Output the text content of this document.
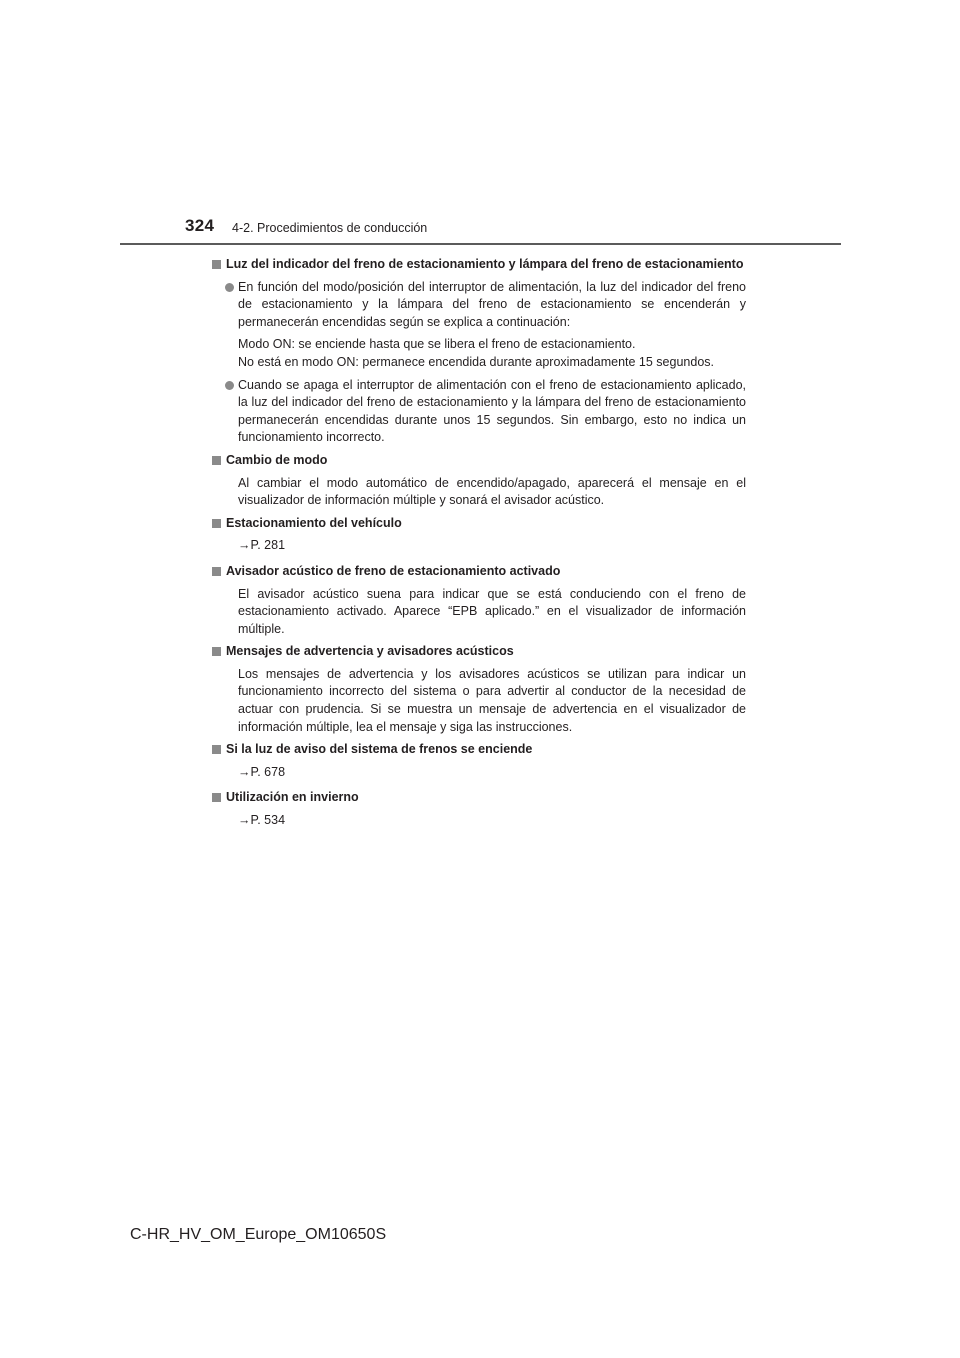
324 4-2. Procedimientos de conducción
Luz del indicador del freno de estacionamiento y lámpara del freno de estacionamiento
En función del modo/posición del interruptor de alimentación, la luz del indicador del freno de estacionamiento y la lámpara del freno de estacionamiento se encenderán y permanecerán encendidas según se explica a continuación:
Modo ON: se enciende hasta que se libera el freno de estacionamiento.
No está en modo ON: permanece encendida durante aproximadamente 15 segundos.
Cuando se apaga el interruptor de alimentación con el freno de estacionamiento aplicado, la luz del indicador del freno de estacionamiento y la lámpara del freno de estacionamiento permanecerán encendidas durante unos 15 segundos. Sin embargo, esto no indica un funcionamiento incorrecto.
Cambio de modo
Al cambiar el modo automático de encendido/apagado, aparecerá el mensaje en el visualizador de información múltiple y sonará el avisador acústico.
Estacionamiento del vehículo
→P. 281
Avisador acústico de freno de estacionamiento activado
El avisador acústico suena para indicar que se está conduciendo con el freno de estacionamiento activado. Aparece “EPB aplicado.” en el visualizador de información múltiple.
Mensajes de advertencia y avisadores acústicos
Los mensajes de advertencia y los avisadores acústicos se utilizan para indicar un funcionamiento incorrecto del sistema o para advertir al conductor de la necesidad de actuar con prudencia. Si se muestra un mensaje de advertencia en el visualizador de información múltiple, lea el mensaje y siga las instrucciones.
Si la luz de aviso del sistema de frenos se enciende
→P. 678
Utilización en invierno
→P. 534
C-HR_HV_OM_Europe_OM10650S
